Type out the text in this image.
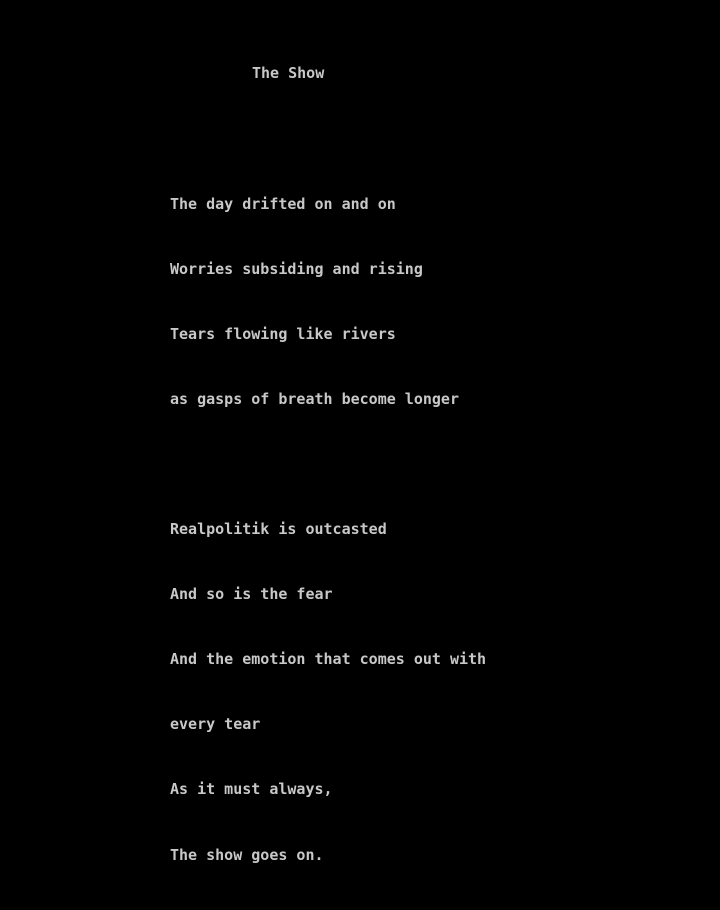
The Show

The day drifted on and on

Worries subsiding and rising

Tears flowing like rivers

as gasps of breath become longer

Realpolitik is outcasted

And so is the fear

And the emotion that comes out with

every tear

As it must always,

The show goes on.
